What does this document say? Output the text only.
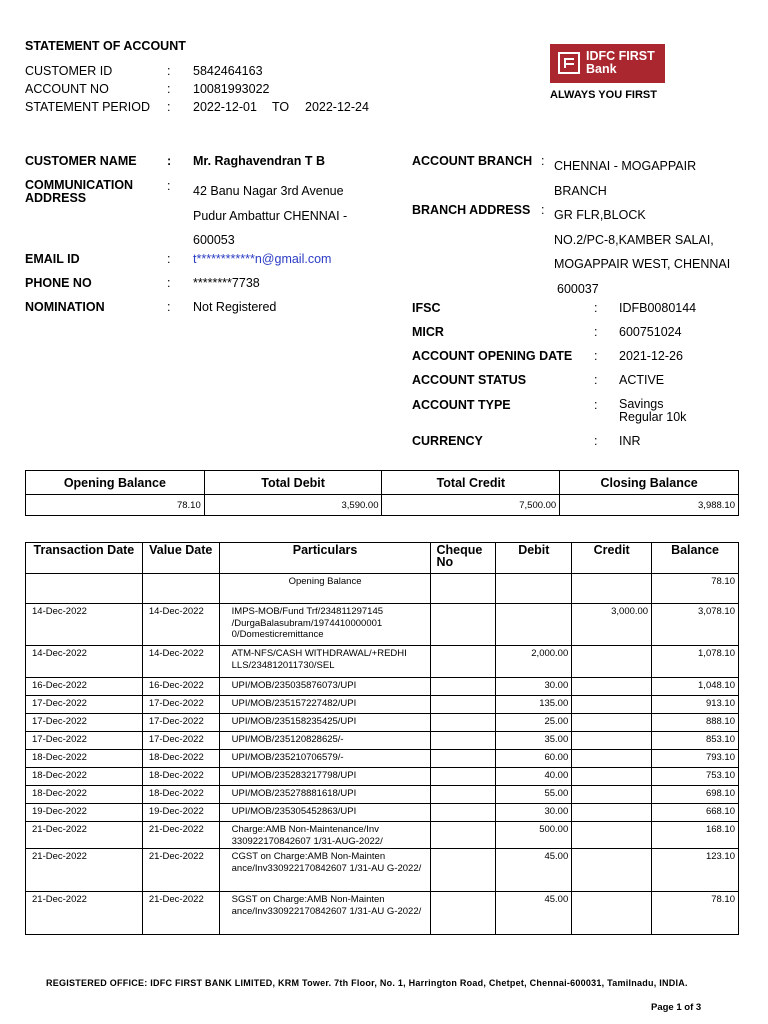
STATEMENT OF ACCOUNT
CUSTOMER ID	: 5842464163
ACCOUNT NO	: 10081993022
STATEMENT PERIOD : 2022-12-01 TO 2022-12-24
IDFC FIRST
Bank
ALWAYS YOU FIRST
CUSTOMER NAME : Mr. Raghavendran T B
COMMUNICATION
ADDRESS
: 42 Banu Nagar 3rd Avenue
Pudur Ambattur CHENNAI -
600053
EMAIL ID	: t************n@gmail.com
PHONE NO	: ********7738
NOMINATION	: Not Registered
ACCOUNT BRANCH : CHENNAI - MOGAPPAIR
BRANCH
BRANCH ADDRESS : GR FLR,BLOCK
NO.2/PC-8,KAMBER SALAI,
MOGAPPAIR WEST, CHENNAI
600037
IFSC	: IDFB0080144
MICR	: 600751024
ACCOUNT OPENING DATE : 2021-12-26
ACCOUNT STATUS	: ACTIVE
ACCOUNT TYPE	: Savings
Regular 10k
CURRENCY	: INR
Opening Balance	Total Debit	Total Credit	Closing Balance
78.10	3,590.00	7,500.00	3,988.10
Transaction Date	Value Date	Particulars	Cheque No	Debit	Credit	Balance
		Opening Balance				78.10
14-Dec-2022	14-Dec-2022	IMPS-MOB/Fund Trf/234811297145 /DurgaBalasubram/1974410000001 0/Domesticremittance			3,000.00	3,078.10
14-Dec-2022	14-Dec-2022	ATM-NFS/CASH WITHDRAWAL/+REDHI LLS/234812011730/SEL		2,000.00		1,078.10
16-Dec-2022	16-Dec-2022	UPI/MOB/235035876073/UPI		30.00		1,048.10
17-Dec-2022	17-Dec-2022	UPI/MOB/235157227482/UPI		135.00		913.10
17-Dec-2022	17-Dec-2022	UPI/MOB/235158235425/UPI		25.00		888.10
17-Dec-2022	17-Dec-2022	UPI/MOB/235120828625/-		35.00		853.10
18-Dec-2022	18-Dec-2022	UPI/MOB/235210706579/-		60.00		793.10
18-Dec-2022	18-Dec-2022	UPI/MOB/235283217798/UPI		40.00		753.10
18-Dec-2022	18-Dec-2022	UPI/MOB/235278881618/UPI		55.00		698.10
19-Dec-2022	19-Dec-2022	UPI/MOB/235305452863/UPI		30.00		668.10
21-Dec-2022	21-Dec-2022	Charge:AMB Non-Maintenance/Inv 330922170842607 1/31-AUG-2022/		500.00		168.10
21-Dec-2022	21-Dec-2022	CGST on Charge:AMB Non-Mainten ance/Inv330922170842607 1/31-AU G-2022/		45.00		123.10
21-Dec-2022	21-Dec-2022	SGST on Charge:AMB Non-Mainten ance/Inv330922170842607 1/31-AU G-2022/		45.00		78.10
REGISTERED OFFICE: IDFC FIRST BANK LIMITED, KRM Tower. 7th Floor, No. 1, Harrington Road, Chetpet, Chennai-600031, Tamilnadu, INDIA.
Page 1 of 3
